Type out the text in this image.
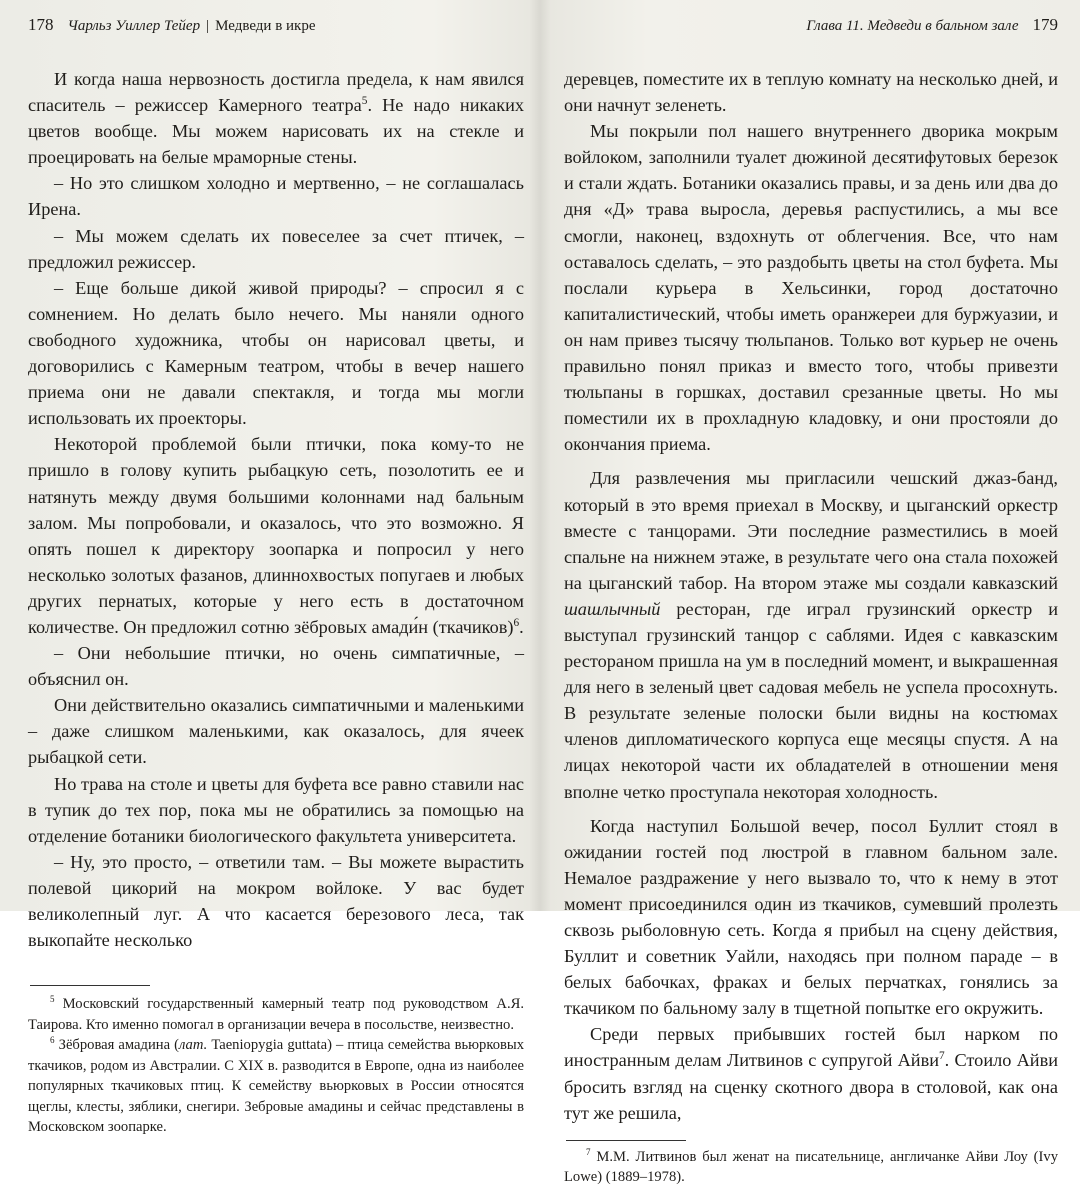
178 Чарльз Уиллер Тейер | Медведи в икре

И когда наша нервозность достигла предела, к нам явился спаситель – режиссер Камерного театра$^5$. Не надо никаких цветов вообще. Мы можем нарисовать их на стекле и проецировать на белые мраморные стены.

– Но это слишком холодно и мертвенно, – не соглашалась Ирена.

– Мы можем сделать их повеселее за счет птичек, – предложил режиссер.

– Еще больше дикой живой природы? – спросил я с сомнением. Но делать было нечего. Мы наняли одного свободного художника, чтобы он нарисовал цветы, и договорились с Камерным театром, чтобы в вечер нашего приема они не давали спектакля, и тогда мы могли использовать их проекторы.

Некоторой проблемой были птички, пока кому-то не пришло в голову купить рыбацкую сеть, позолотить ее и натянуть между двумя большими колоннами над бальным залом. Мы попробовали, и оказалось, что это возможно. Я опять пошел к директору зоопарка и попросил у него несколько золотых фазанов, длиннохвостых попугаев и любых других пернатых, которые у него есть в достаточном количестве. Он предложил сотню зёбровых амади́н (ткачиков)$^6$.

– Они небольшие птички, но очень симпатичные, – объяснил он.

Они действительно оказались симпатичными и маленькими – даже слишком маленькими, как оказалось, для ячеек рыбацкой сети.

Но трава на столе и цветы для буфета все равно ставили нас в тупик до тех пор, пока мы не обратились за помощью на отделение ботаники биологического факультета университета.

– Ну, это просто, – ответили там. – Вы можете вырастить полевой цикорий на мокром войлоке. У вас будет великолепный луг. А что касается березового леса, так выкопайте несколько

$^5$ Московский государственный камерный театр под руководством А.Я. Таирова. Кто именно помогал в организации вечера в посольстве, неизвестно.

$^6$ Зёбровая амадина (лат. Taeniopygia guttata) – птица семейства вьюрковых ткачиков, родом из Австралии. С XIX в. разводится в Европе, одна из наиболее популярных ткачиковых птиц. К семейству вьюрковых в России относятся щеглы, клесты, зяблики, снегири. Зебровые амадины и сейчас представлены в Московском зоопарке.

Глава 11. Медведи в бальном зале 179

деревцев, поместите их в теплую комнату на несколько дней, и они начнут зеленеть.

Мы покрыли пол нашего внутреннего дворика мокрым войлоком, заполнили туалет дюжиной десятифутовых березок и стали ждать. Ботаники оказались правы, и за день или два до дня «Д» трава выросла, деревья распустились, а мы все смогли, наконец, вздохнуть от облегчения. Все, что нам оставалось сделать, – это раздобыть цветы на стол буфета. Мы послали курьера в Хельсинки, город достаточно капиталистический, чтобы иметь оранжереи для буржуазии, и он нам привез тысячу тюльпанов. Только вот курьер не очень правильно понял приказ и вместо того, чтобы привезти тюльпаны в горшках, доставил срезанные цветы. Но мы поместили их в прохладную кладовку, и они простояли до окончания приема.

Для развлечения мы пригласили чешский джаз-банд, который в это время приехал в Москву, и цыганский оркестр вместе с танцорами. Эти последние разместились в моей спальне на нижнем этаже, в результате чего она стала похожей на цыганский табор. На втором этаже мы создали кавказский шашлычный ресторан, где играл грузинский оркестр и выступал грузинский танцор с саблями. Идея с кавказским рестораном пришла на ум в последний момент, и выкрашенная для него в зеленый цвет садовая мебель не успела просохнуть. В результате зеленые полоски были видны на костюмах членов дипломатического корпуса еще месяцы спустя. А на лицах некоторой части их обладателей в отношении меня вполне четко проступала некоторая холодность.

Когда наступил Большой вечер, посол Буллит стоял в ожидании гостей под люстрой в главном бальном зале. Немалое раздражение у него вызвало то, что к нему в этот момент присоединился один из ткачиков, сумевший пролезть сквозь рыболовную сеть. Когда я прибыл на сцену действия, Буллит и советник Уайли, находясь при полном параде – в белых бабочках, фраках и белых перчатках, гонялись за ткачиком по бальному залу в тщетной попытке его окружить.

Среди первых прибывших гостей был нарком по иностранным делам Литвинов с супругой Айви$^7$. Стоило Айви бросить взгляд на сценку скотного двора в столовой, как она тут же решила,

$^7$ М.М. Литвинов был женат на писательнице, англичанке Айви Лоу (Ivy Lowe) (1889–1978).
